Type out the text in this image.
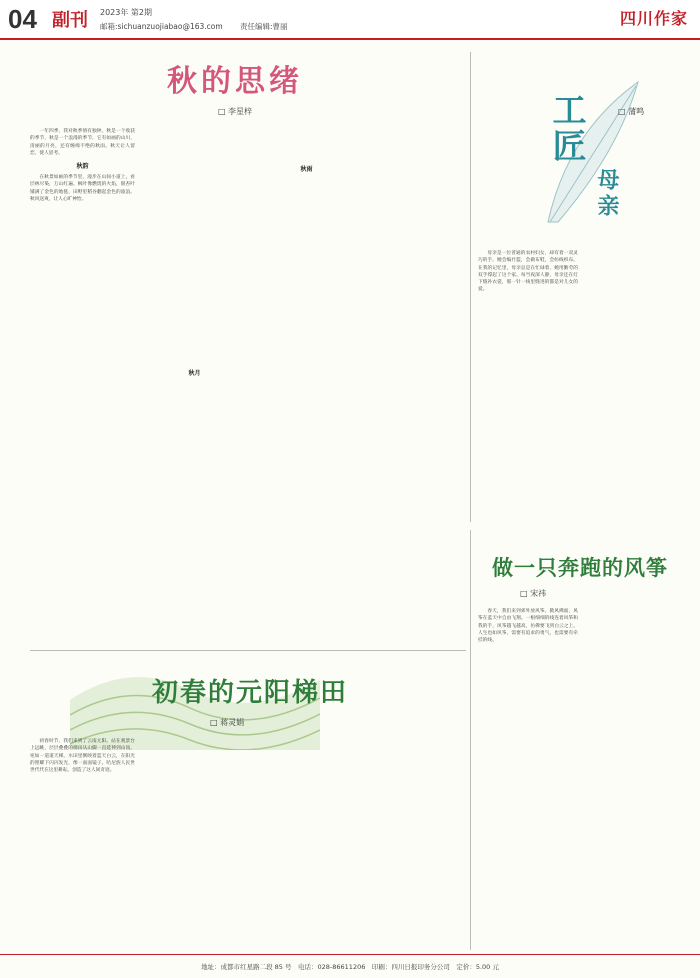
04 副刊 2023年 第2期
邮箱:sichuanzuojiabao@163.com 责任编辑:曹丽	四川作家
秋的思绪
□ 李星梓

一年四季，我对秋季情有独钟。秋是一个收获的季节，秋是一个浪漫的季节，它有如画的山川，清丽的月亮，还有缠绵不绝的秋雨。秋天让人留恋，使人思考。

秋韵

在秋景如画的季节里，漫步在山间小道上，看层林尽染，万山红遍。枫叶像燃烧的火焰，银杏叶铺满了金色的地毯，田野里稻谷翻起金色的波浪。秋风送爽，让人心旷神怡。

秋月
秋雨
工匠
母亲
□ 蒲鸣

母亲是一位普通的农村妇女，却有着一双灵巧的手。她会编竹篮，会做布鞋，会纺线织布。在我的记忆里，母亲总是在忙碌着，她用勤劳的双手撑起了这个家。每当夜深人静，母亲还在灯下缝补衣裳，那一针一线里缝进的都是对儿女的爱。

初春的元阳梯田
□ 蒋灵娟

初春时节，我们来到了云南元阳。站在观景台上远眺，层层叠叠的梯田从山脚一直延伸到山顶，宛如一道道天梯。水田里倒映着蓝天白云，在阳光的照耀下闪闪发光，像一面面镜子。哈尼族人民世世代代在这里耕耘，创造了这人间奇迹。

做一只奔跑的风筝
□ 宋祎

春天，我们来到郊外放风筝。微风拂面，风筝在蓝天中自由飞翔。一根细细的线连着风筝和我的手，风筝越飞越高，仿佛要飞到白云之上。人生也如风筝，需要有追求的勇气，也需要有牵挂的线。

地址：成都市红星路二段 85 号　电话：028-86611206　印刷：四川日报印务分公司　定价：5.00 元
